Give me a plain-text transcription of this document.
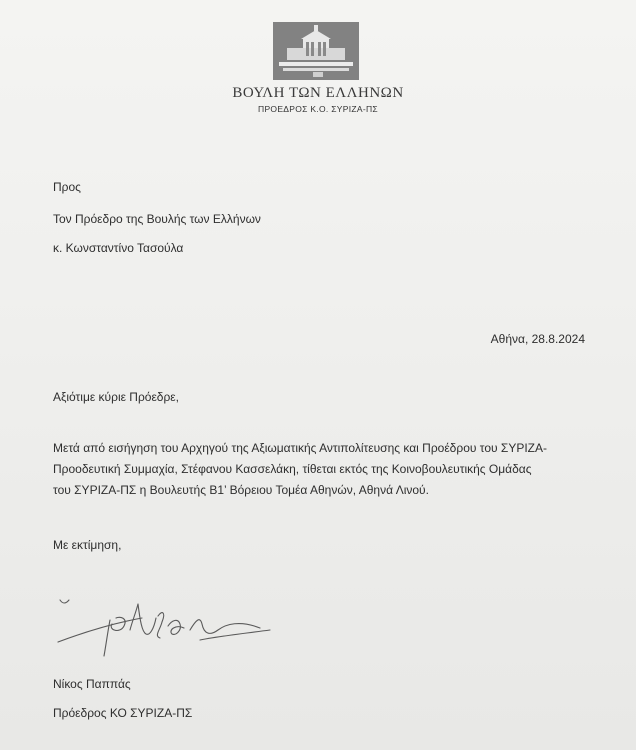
ΒΟΥΛΗ ΤΩΝ ΕΛΛΗΝΩΝ
ΠΡΟΕΔΡΟΣ Κ.Ο. ΣΥΡΙΖΑ-ΠΣ
Προς
Τον Πρόεδρο της Βουλής των Ελλήνων
κ. Κωνσταντίνο Τασούλα
Αθήνα, 28.8.2024
Αξιότιμε κύριε Πρόεδρε,
Μετά από εισήγηση του Αρχηγού της Αξιωματικής Αντιπολίτευσης και Προέδρου του ΣΥΡΙΖΑ-
Προοδευτική Συμμαχία, Στέφανου Κασσελάκη, τίθεται εκτός της Κοινοβουλευτικής Ομάδας
του ΣΥΡΙΖΑ-ΠΣ η Βουλευτής Β1’ Βόρειου Τομέα Αθηνών, Αθηνά Λινού.
Με εκτίμηση,
Νίκος Παππάς
Πρόεδρος ΚΟ ΣΥΡΙΖΑ-ΠΣ
